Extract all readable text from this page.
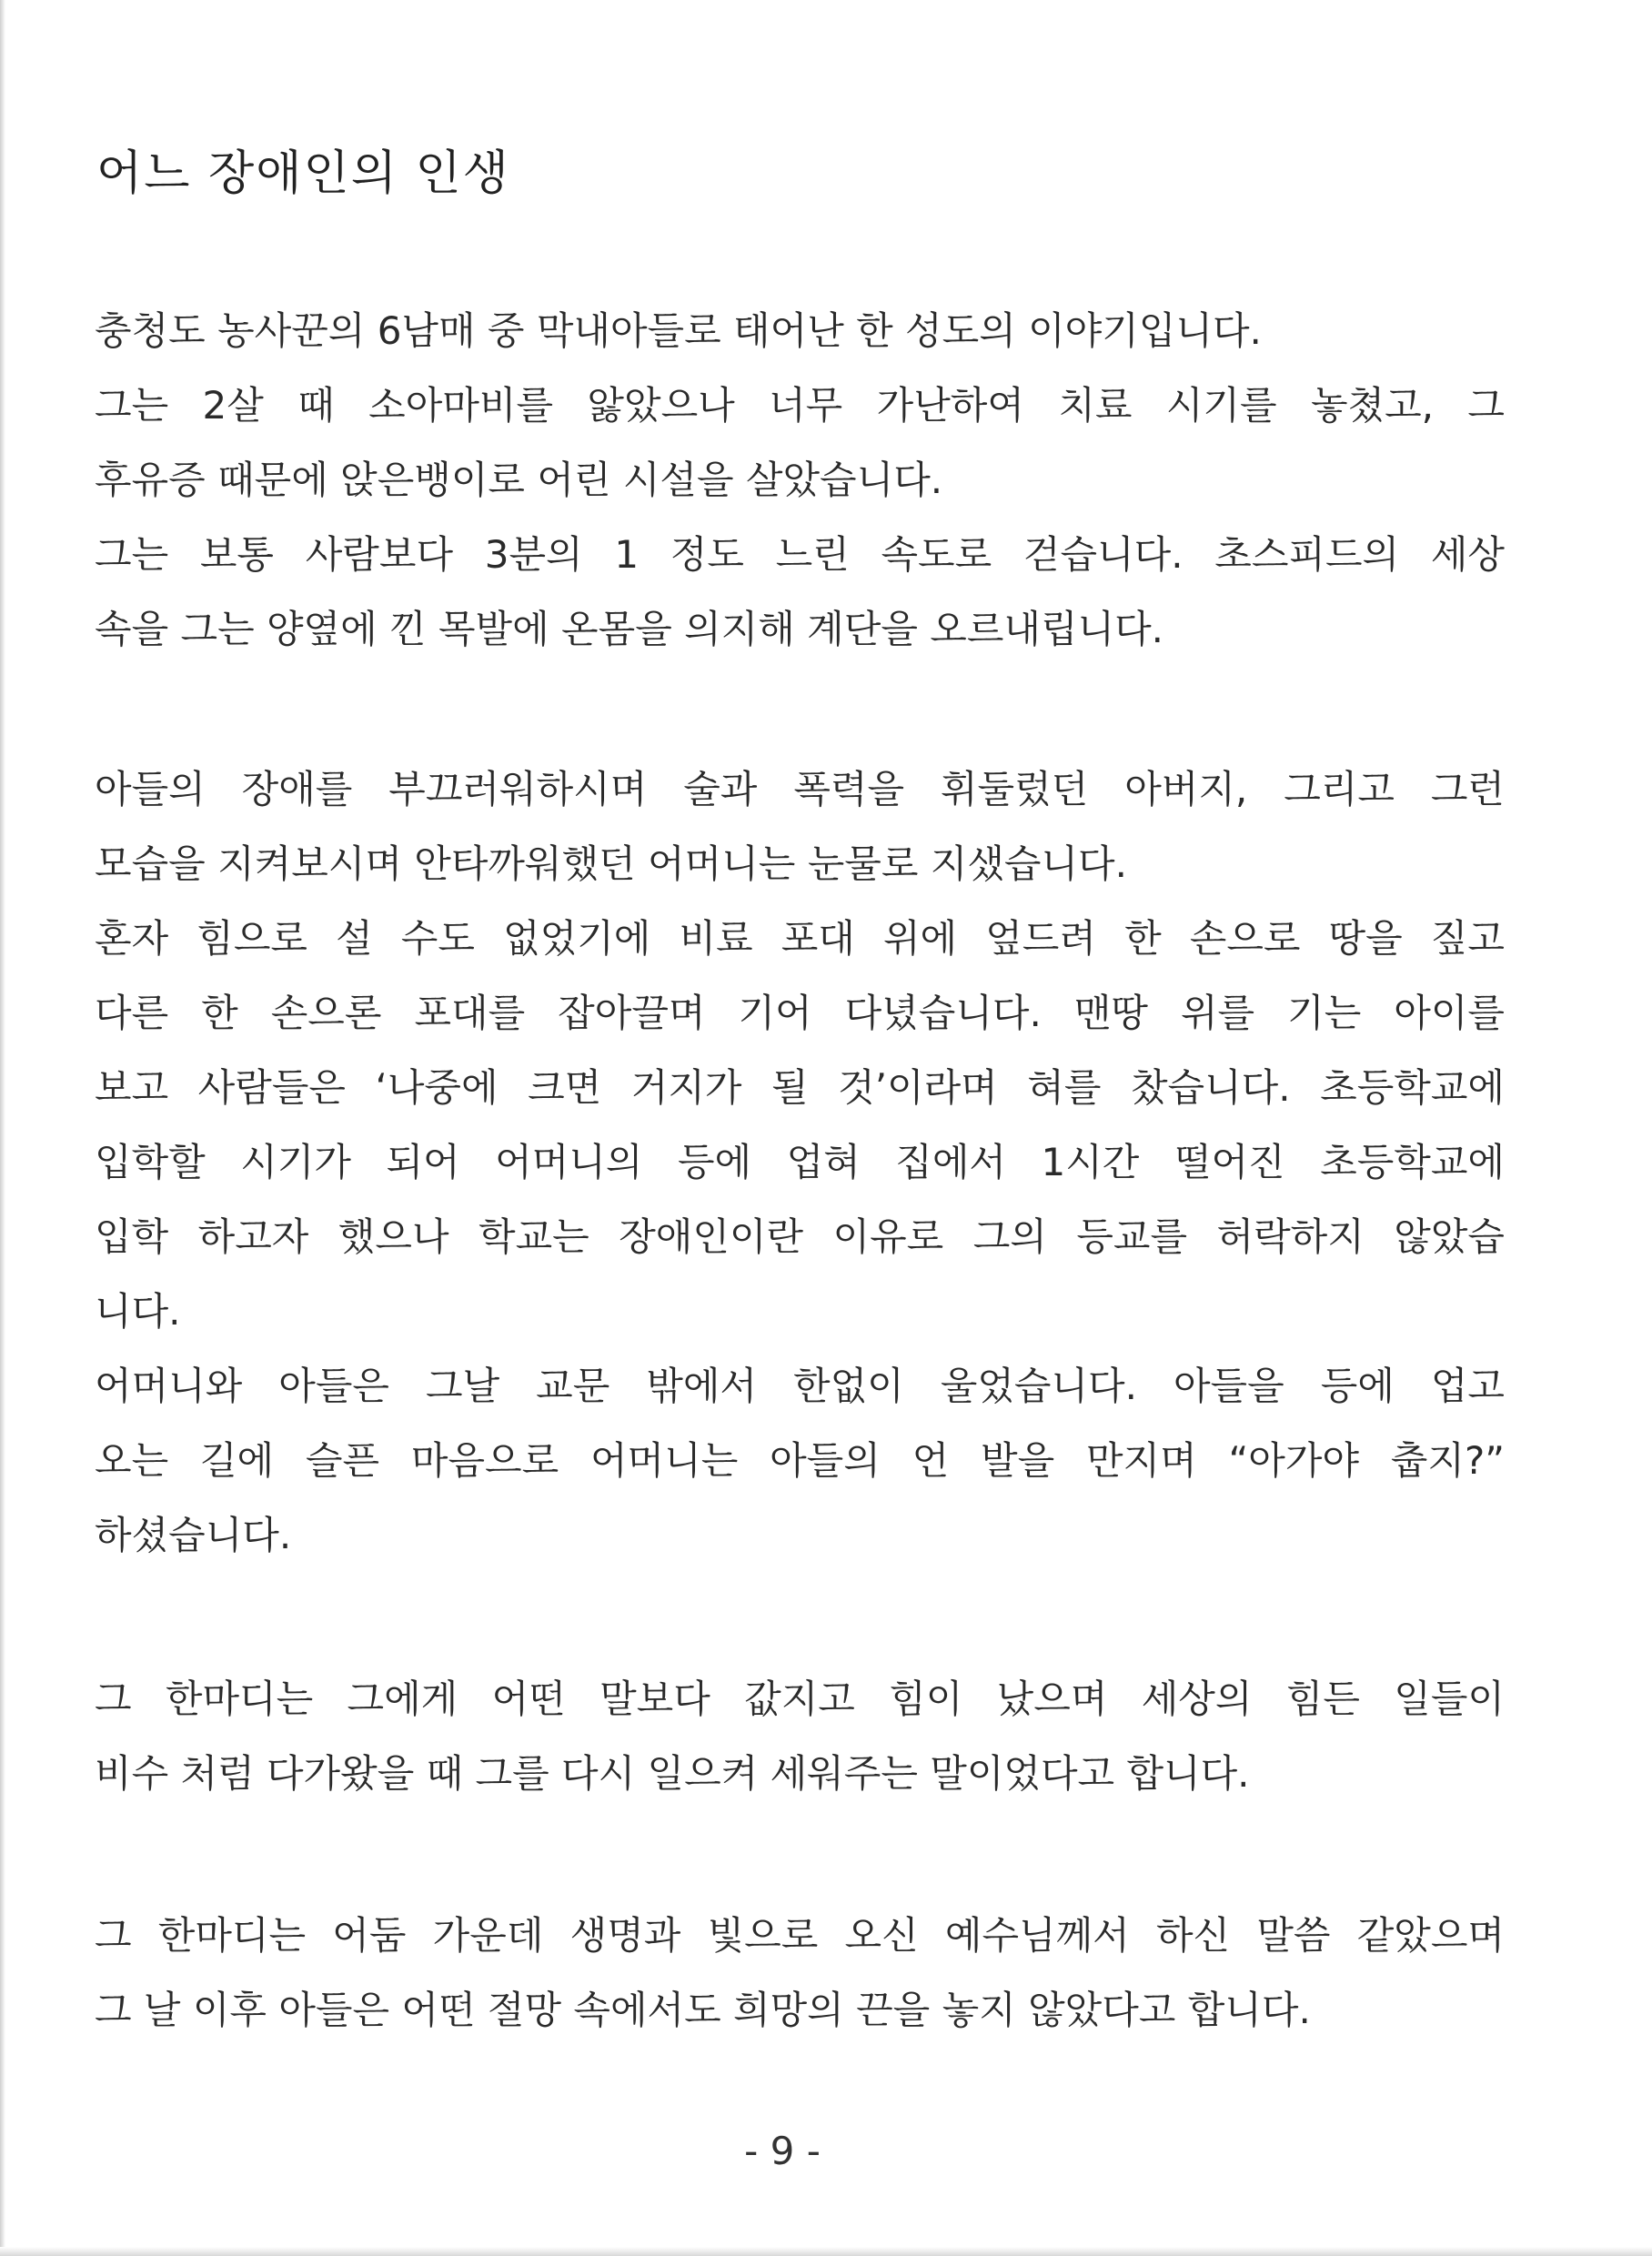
어느 장애인의 인생

충청도 농사꾼의 6남매 중 막내아들로 태어난 한 성도의 이야기입니다.

그는 2살 때 소아마비를 앓았으나 너무 가난하여 치료 시기를 놓쳤고, 그

후유증 때문에 앉은뱅이로 어린 시설을 살았습니다.

그는 보통 사람보다 3분의 1 정도 느린 속도로 걷습니다. 초스피드의 세상

속을 그는 양옆에 낀 목발에 온몸을 의지해 계단을 오르내립니다.

아들의 장애를 부끄러워하시며 술과 폭력을 휘둘렀던 아버지, 그리고 그런

모습을 지켜보시며 안타까워했던 어머니는 눈물로 지샜습니다.

혼자 힘으로 설 수도 없었기에 비료 포대 위에 엎드려 한 손으로 땅을 짚고

다른 한 손으론 포대를 잡아끌며 기어 다녔습니다. 맨땅 위를 기는 아이를

보고 사람들은 ‘나중에 크면 거지가 될 것’이라며 혀를 찼습니다. 초등학교에

입학할 시기가 되어 어머니의 등에 업혀 집에서 1시간 떨어진 초등학교에

입학 하고자 했으나 학교는 장애인이란 이유로 그의 등교를 허락하지 않았습

니다.

어머니와 아들은 그날 교문 밖에서 한없이 울었습니다. 아들을 등에 업고

오는 길에 슬픈 마음으로 어머니는 아들의 언 발을 만지며 “아가야 춥지?”

하셨습니다.

그 한마디는 그에게 어떤 말보다 값지고 힘이 났으며 세상의 힘든 일들이

비수 처럼 다가왔을 때 그를 다시 일으켜 세워주는 말이었다고 합니다.

그 한마디는 어둠 가운데 생명과 빛으로 오신 예수님께서 하신 말씀 같았으며

그 날 이후 아들은 어떤 절망 속에서도 희망의 끈을 놓지 않았다고 합니다.

- 9 -
